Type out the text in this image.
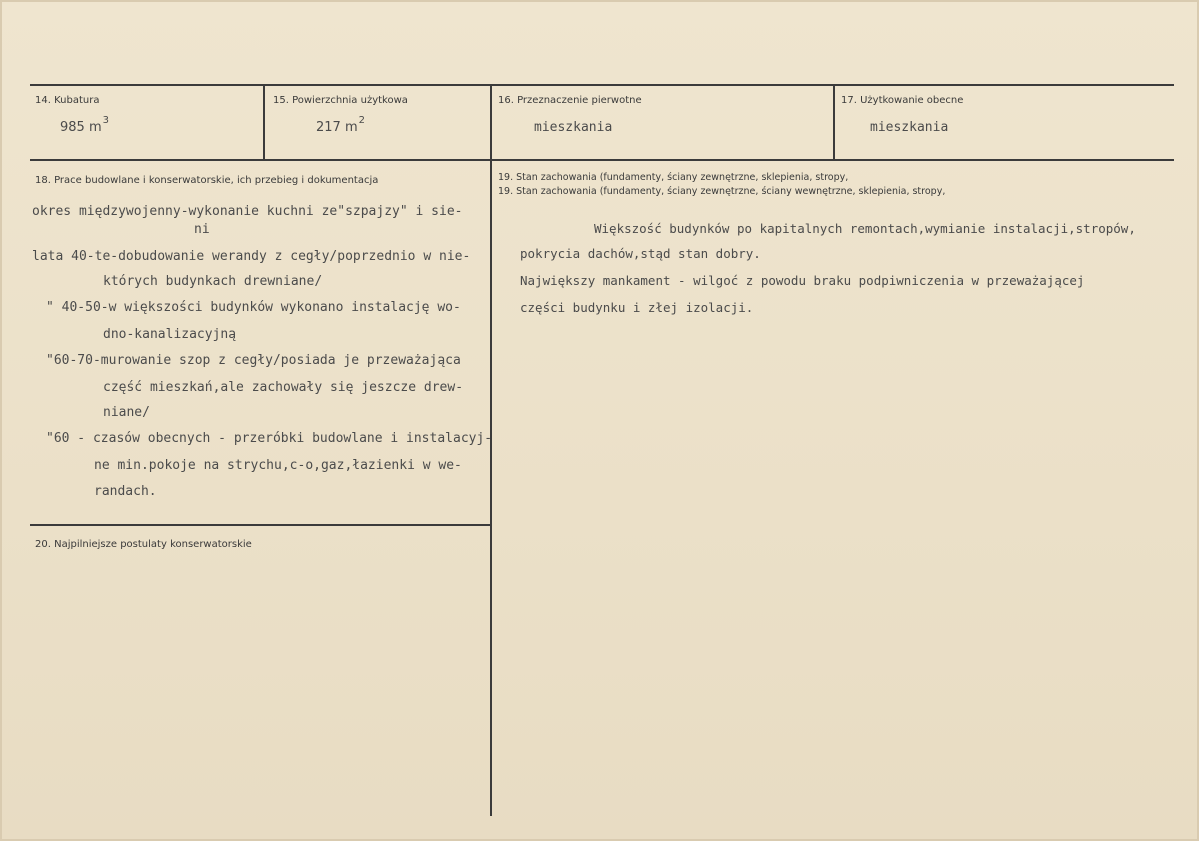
14. Kubatura
985 $m^3$
15. Powierzchnia użytkowa
217 $m^2$
16. Przeznaczenie pierwotne
mieszkania
17. Użytkowanie obecne
mieszkania
18. Prace budowlane i konserwatorskie, ich przebieg i dokumentacja
okres międzywojenny-wykonanie kuchni ze"szpajzy" i sie-
ni
lata 40-te-dobudowanie werandy z cegły/poprzednio w nie-
których budynkach drewniane/
" 40-50-w większości budynków wykonano instalację wo-
dno-kanalizacyjną
"60-70-murowanie szop z cegły/posiada je przeważająca
część mieszkań,ale zachowały się jeszcze drew-
niane/
"60 - czasów obecnych - przeróbki budowlane i instalacyj-
ne min.pokoje na strychu,c-o,gaz,łazienki w we-
randach.
19. Stan zachowania (fundamenty, ściany zewnętrzne, sklepienia, stropy,
19. Stan zachowania (fundamenty, ściany zewnętrzne, ściany wewnętrzne, sklepienia, stropy,
Większość budynków po kapitalnych remontach,wymianie instalacji,stropów,
pokrycia dachów,stąd stan dobry.
Największy mankament - wilgoć z powodu braku podpiwniczenia w przeważającej
części budynku i złej izolacji.
20. Najpilniejsze postulaty konserwatorskie
